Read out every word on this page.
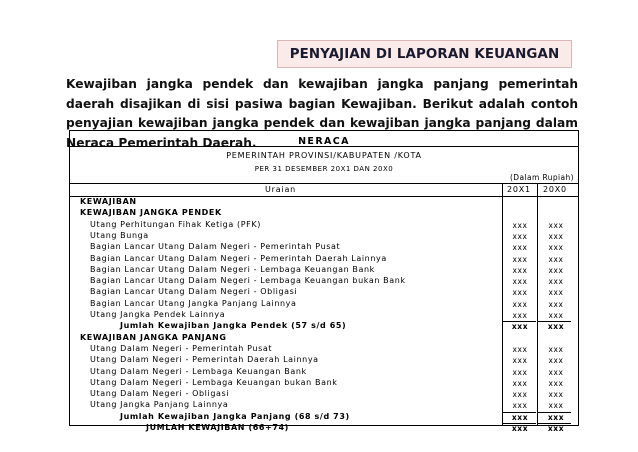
PENYAJIAN DI LAPORAN KEUANGAN
Kewajiban jangka pendek dan kewajiban jangka panjang pemerintah daerah disajikan di sisi pasiwa bagian Kewajiban. Berikut adalah contoh penyajian kewajiban jangka pendek dan kewajiban jangka panjang dalam Neraca Pemerintah Daerah.	NERACA
PEMERINTAH PROVINSI/KABUPATEN /KOTA
PER 31 DESEMBER 20X1 DAN 20X0
(Dalam Rupiah)
Uraian	20X1 20X0
KEWAJIBAN
KEWAJIBAN JANGKA PENDEK
Utang Perhitungan Fihak Ketiga (PFK)	xxx	xxx
Utang Bunga	xxx	xxx
Bagian Lancar Utang Dalam Negeri - Pemerintah Pusat	xxx	xxx
Bagian Lancar Utang Dalam Negeri - Pemerintah Daerah Lainnya	xxx	xxx
Bagian Lancar Utang Dalam Negeri - Lembaga Keuangan Bank	xxx	xxx
Bagian Lancar Utang Dalam Negeri - Lembaga Keuangan bukan Bank	xxx	xxx
Bagian Lancar Utang Dalam Negeri - Obligasi	xxx	xxx
Bagian Lancar Utang Jangka Panjang Lainnya	xxx	xxx
Utang Jangka Pendek Lainnya	xxx	xxx
Jumlah Kewajiban Jangka Pendek (57 s/d 65)	xxx	xxx
KEWAJIBAN JANGKA PANJANG
Utang Dalam Negeri - Pemerintah Pusat	xxx	xxx
Utang Dalam Negeri - Pemerintah Daerah Lainnya	xxx	xxx
Utang Dalam Negeri - Lembaga Keuangan Bank	xxx	xxx
Utang Dalam Negeri - Lembaga Keuangan bukan Bank	xxx	xxx
Utang Dalam Negeri - Obligasi	xxx	xxx
Utang Jangka Panjang Lainnya	xxx	xxx
Jumlah Kewajiban Jangka Panjang (68 s/d 73)	xxx	xxx
JUMLAH KEWAJIBAN (66+74)	xxx	xxx
